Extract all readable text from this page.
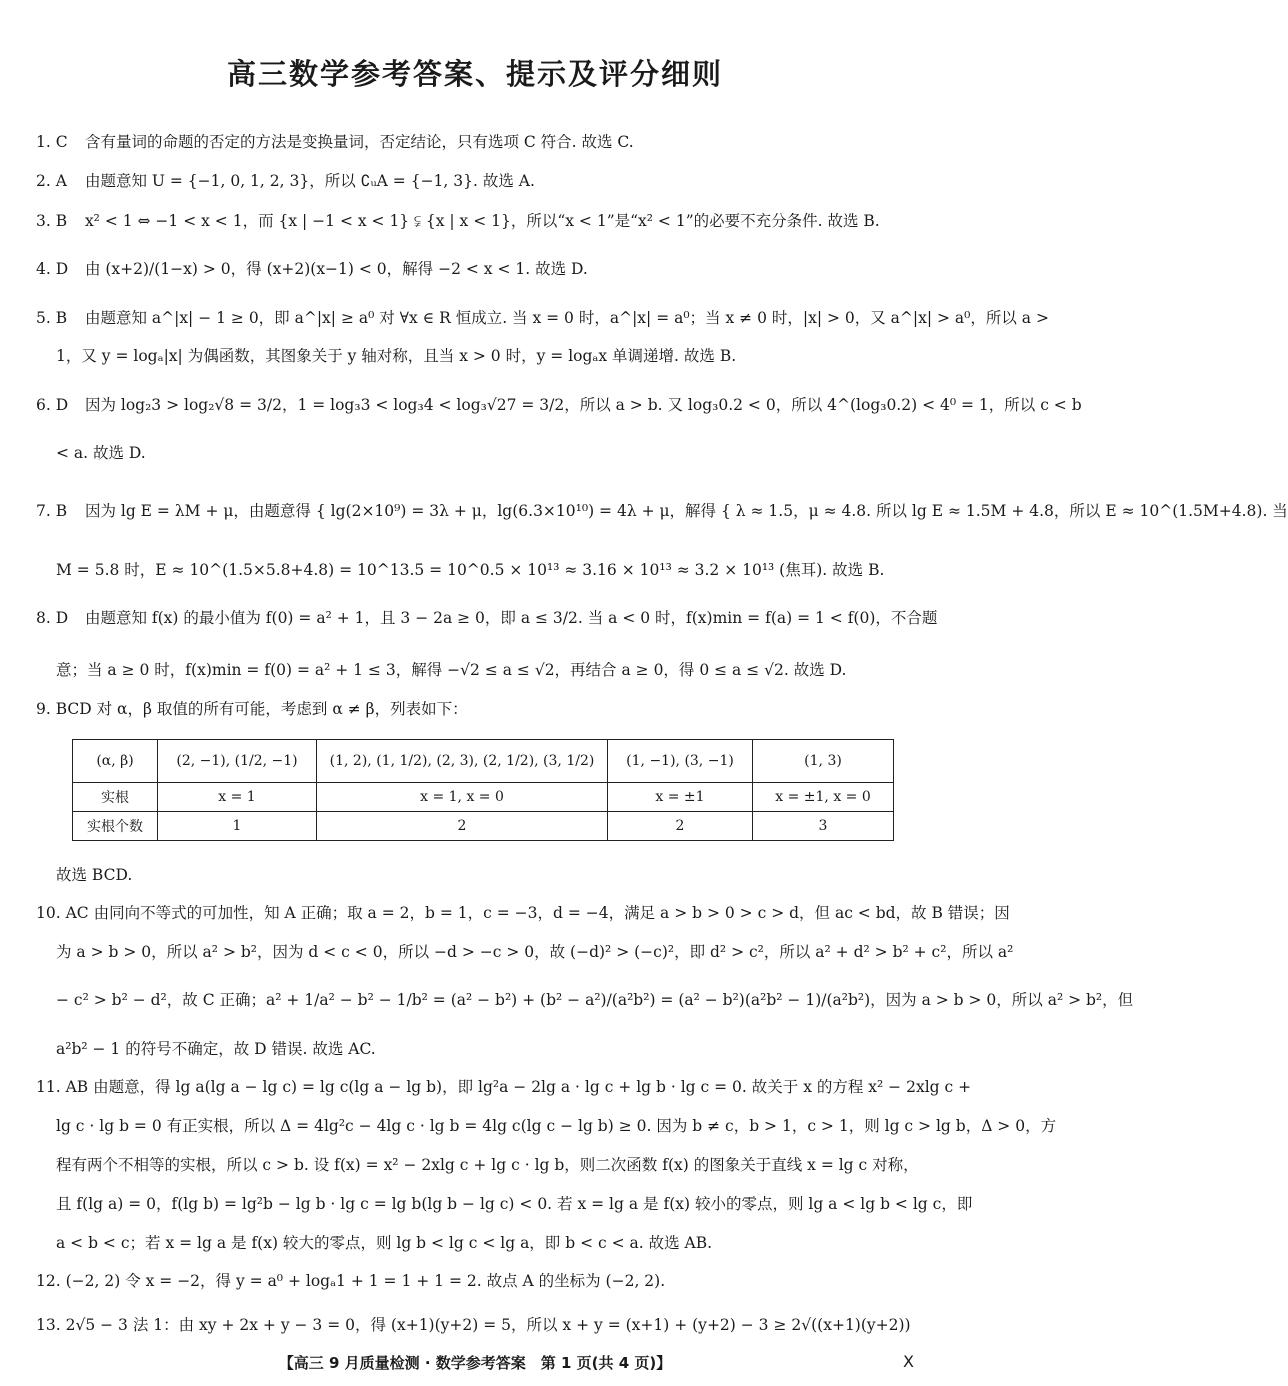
高三数学参考答案、提示及评分细则
1. C 含有量词的命题的否定的方法是变换量词，否定结论，只有选项 C 符合. 故选 C.
2. A 由题意知 U = {−1, 0, 1, 2, 3}，所以 ∁ᵤA = {−1, 3}. 故选 A.
3. B x² < 1 ⇔ −1 < x < 1，而 {x | −1 < x < 1} ⫋ {x | x < 1}，所以“x < 1”是“x² < 1”的必要不充分条件. 故选 B.
4. D 由 (x+2)/(1−x) > 0，得 (x+2)(x−1) < 0，解得 −2 < x < 1. 故选 D.
5. B 由题意知 a^|x| − 1 ≥ 0，即 a^|x| ≥ a⁰ 对 ∀x ∈ R 恒成立. 当 x = 0 时，a^|x| = a⁰；当 x ≠ 0 时，|x| > 0，又 a^|x| > a⁰，所以 a >
1，又 y = logₐ|x| 为偶函数，其图象关于 y 轴对称，且当 x > 0 时，y = logₐx 单调递增. 故选 B.
6. D 因为 log₂3 > log₂√8 = 3/2，1 = log₃3 < log₃4 < log₃√27 = 3/2，所以 a > b. 又 log₃0.2 < 0，所以 4^(log₃0.2) < 4⁰ = 1，所以 c < b
< a. 故选 D.
7. B 因为 lg E = λM + μ，由题意得 { lg(2×10⁹) = 3λ + μ，lg(6.3×10¹⁰) = 4λ + μ，解得 { λ ≈ 1.5，μ ≈ 4.8. 所以 lg E ≈ 1.5M + 4.8，所以 E ≈ 10^(1.5M+4.8). 当
M = 5.8 时，E ≈ 10^(1.5×5.8+4.8) = 10^13.5 = 10^0.5 × 10¹³ ≈ 3.16 × 10¹³ ≈ 3.2 × 10¹³ (焦耳). 故选 B.
8. D 由题意知 f(x) 的最小值为 f(0) = a² + 1，且 3 − 2a ≥ 0，即 a ≤ 3/2. 当 a < 0 时，f(x)min = f(a) = 1 < f(0)，不合题
意；当 a ≥ 0 时，f(x)min = f(0) = a² + 1 ≤ 3，解得 −√2 ≤ a ≤ √2，再结合 a ≥ 0，得 0 ≤ a ≤ √2. 故选 D.
9. BCD 对 α，β 取值的所有可能，考虑到 α ≠ β，列表如下：
(α, β)	(2, −1), (1/2, −1)	(1, 2), (1, 1/2), (2, 3), (2, 1/2), (3, 1/2)	(1, −1), (3, −1)	(1, 3)
实根	x = 1	x = 1, x = 0	x = ±1	x = ±1, x = 0
实根个数	1	2	2	3
故选 BCD.
10. AC 由同向不等式的可加性，知 A 正确；取 a = 2，b = 1，c = −3，d = −4，满足 a > b > 0 > c > d，但 ac < bd，故 B 错误；因
为 a > b > 0，所以 a² > b²，因为 d < c < 0，所以 −d > −c > 0，故 (−d)² > (−c)²，即 d² > c²，所以 a² + d² > b² + c²，所以 a²
− c² > b² − d²，故 C 正确；a² + 1/a² − b² − 1/b² = (a² − b²) + (b² − a²)/(a²b²) = (a² − b²)(a²b² − 1)/(a²b²)，因为 a > b > 0，所以 a² > b²，但
a²b² − 1 的符号不确定，故 D 错误. 故选 AC.
11. AB 由题意，得 lg a(lg a − lg c) = lg c(lg a − lg b)，即 lg²a − 2lg a · lg c + lg b · lg c = 0. 故关于 x 的方程 x² − 2xlg c +
lg c · lg b = 0 有正实根，所以 Δ = 4lg²c − 4lg c · lg b = 4lg c(lg c − lg b) ≥ 0. 因为 b ≠ c，b > 1，c > 1，则 lg c > lg b，Δ > 0，方
程有两个不相等的实根，所以 c > b. 设 f(x) = x² − 2xlg c + lg c · lg b，则二次函数 f(x) 的图象关于直线 x = lg c 对称，
且 f(lg a) = 0，f(lg b) = lg²b − lg b · lg c = lg b(lg b − lg c) < 0. 若 x = lg a 是 f(x) 较小的零点，则 lg a < lg b < lg c，即
a < b < c；若 x = lg a 是 f(x) 较大的零点，则 lg b < lg c < lg a，即 b < c < a. 故选 AB.
12. (−2, 2) 令 x = −2，得 y = a⁰ + logₐ1 + 1 = 1 + 1 = 2. 故点 A 的坐标为 (−2, 2).
13. 2√5 − 3 法 1：由 xy + 2x + y − 3 = 0，得 (x+1)(y+2) = 5，所以 x + y = (x+1) + (y+2) − 3 ≥ 2√((x+1)(y+2))
【高三 9 月质量检测 · 数学参考答案　第 1 页(共 4 页)】	X
